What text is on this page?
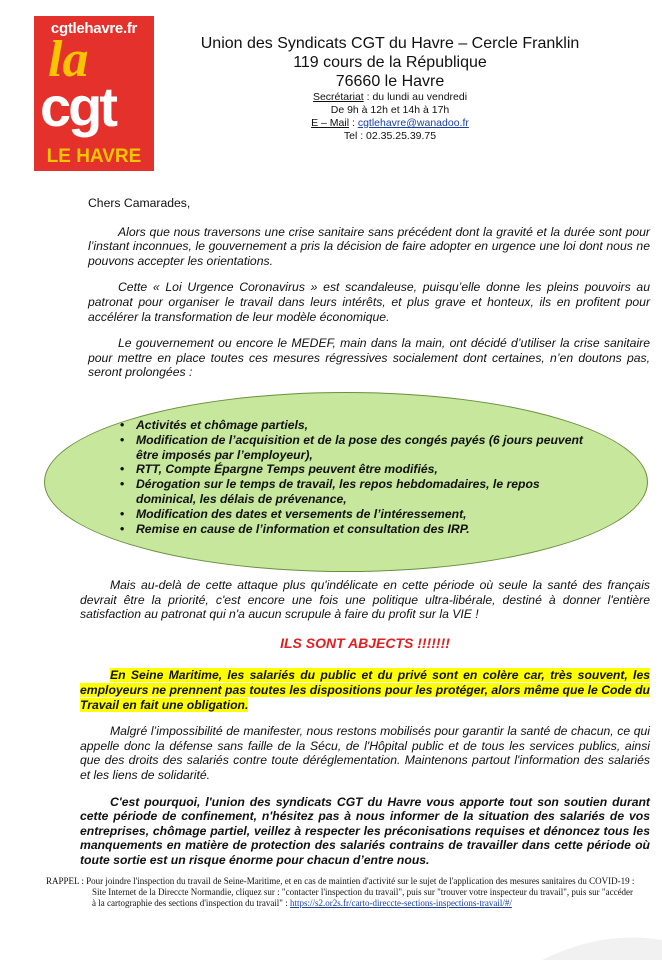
cgtlehavre.fr
la
cgt
LE HAVRE
Union des Syndicats CGT du Havre – Cercle Franklin
119 cours de la République
76660 le Havre
Secrétariat : du lundi au vendredi
De 9h à 12h et 14h à 17h
E – Mail : cgtlehavre@wanadoo.fr
Tel : 02.35.25.39.75

Chers Camarades,

Alors que nous traversons une crise sanitaire sans précédent dont la gravité et la durée sont pour l’instant inconnues, le gouvernement a pris la décision de faire adopter en urgence une loi dont nous ne pouvons accepter les orientations.

Cette « Loi Urgence Coronavirus » est scandaleuse, puisqu’elle donne les pleins pouvoirs au patronat pour organiser le travail dans leurs intérêts, et plus grave et honteux, ils en profitent pour accélérer la transformation de leur modèle économique.

Le gouvernement ou encore le MEDEF, main dans la main, ont décidé d’utiliser la crise sanitaire pour mettre en place toutes ces mesures régressives socialement dont certaines, n’en doutons pas, seront prolongées :

• Activités et chômage partiels,
• Modification de l’acquisition et de la pose des congés payés (6 jours peuvent être imposés par l’employeur),
• RTT, Compte Épargne Temps peuvent être modifiés,
• Dérogation sur le temps de travail, les repos hebdomadaires, le repos dominical, les délais de prévenance,
• Modification des dates et versements de l’intéressement,
• Remise en cause de l’information et consultation des IRP.

Mais au-delà de cette attaque plus qu'indélicate en cette période où seule la santé des français devrait être la priorité, c'est encore une fois une politique ultra-libérale, destiné à donner l'entière satisfaction au patronat qui n'a aucun scrupule à faire du profit sur la VIE !

ILS SONT ABJECTS !!!!!!!

En Seine Maritime, les salariés du public et du privé sont en colère car, très souvent, les employeurs ne prennent pas toutes les dispositions pour les protéger, alors même que le Code du Travail en fait une obligation.

Malgré l’impossibilité de manifester, nous restons mobilisés pour garantir la santé de chacun, ce qui appelle donc la défense sans faille de la Sécu, de l'Hôpital public et de tous les services publics, ainsi que des droits des salariés contre toute déréglementation. Maintenons partout l'information des salariés et les liens de solidarité.

C'est pourquoi, l'union des syndicats CGT du Havre vous apporte tout son soutien durant cette période de confinement, n'hésitez pas à nous informer de la situation des salariés de vos entreprises, chômage partiel, veillez à respecter les préconisations requises et dénoncez tous les manquements en matière de protection des salariés contrains de travailler dans cette période où toute sortie est un risque énorme pour chacun d’entre nous.

RAPPEL : Pour joindre l'inspection du travail de Seine-Maritime, et en cas de maintien d'activité sur le sujet de l'application des mesures sanitaires du COVID-19 :
Site Internet de la Direccte Normandie, cliquez sur : "contacter l'inspection du travail", puis sur "trouver votre inspecteur du travail", puis sur "accéder à la cartographie des sections d'inspection du travail" : https://s2.or2s.fr/carto-direccte-sections-inspections-travail/#/
